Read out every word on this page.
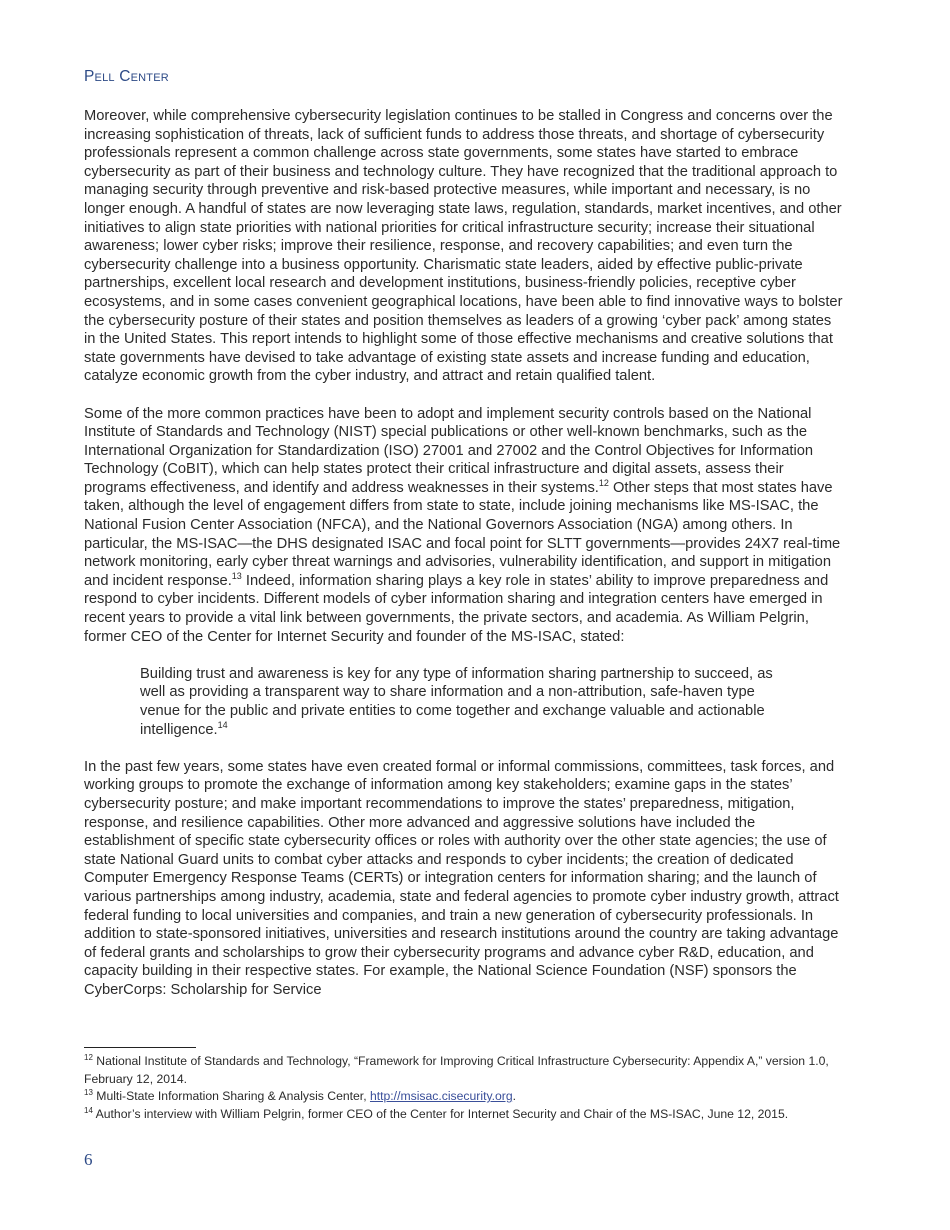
Pell Center

Moreover, while comprehensive cybersecurity legislation continues to be stalled in Congress and concerns over the increasing sophistication of threats, lack of sufficient funds to address those threats, and shortage of cybersecurity professionals represent a common challenge across state governments, some states have started to embrace cybersecurity as part of their business and technology culture. They have recognized that the traditional approach to managing security through preventive and risk-based protective measures, while important and necessary, is no longer enough. A handful of states are now leveraging state laws, regulation, standards, market incentives, and other initiatives to align state priorities with national priorities for critical infrastructure security; increase their situational awareness; lower cyber risks; improve their resilience, response, and recovery capabilities; and even turn the cybersecurity challenge into a business opportunity. Charismatic state leaders, aided by effective public-private partnerships, excellent local research and development institutions, business-friendly policies, receptive cyber ecosystems, and in some cases convenient geographical locations, have been able to find innovative ways to bolster the cybersecurity posture of their states and position themselves as leaders of a growing ‘cyber pack’ among states in the United States. This report intends to highlight some of those effective mechanisms and creative solutions that state governments have devised to take advantage of existing state assets and increase funding and education, catalyze economic growth from the cyber industry, and attract and retain qualified talent.

Some of the more common practices have been to adopt and implement security controls based on the National Institute of Standards and Technology (NIST) special publications or other well-known benchmarks, such as the International Organization for Standardization (ISO) 27001 and 27002 and the Control Objectives for Information Technology (CoBIT), which can help states protect their critical infrastructure and digital assets, assess their programs effectiveness, and identify and address weaknesses in their systems.$^{12}$ Other steps that most states have taken, although the level of engagement differs from state to state, include joining mechanisms like MS-ISAC, the National Fusion Center Association (NFCA), and the National Governors Association (NGA) among others. In particular, the MS-ISAC—the DHS designated ISAC and focal point for SLTT governments—provides 24X7 real-time network monitoring, early cyber threat warnings and advisories, vulnerability identification, and support in mitigation and incident response.$^{13}$ Indeed, information sharing plays a key role in states’ ability to improve preparedness and respond to cyber incidents. Different models of cyber information sharing and integration centers have emerged in recent years to provide a vital link between governments, the private sectors, and academia. As William Pelgrin, former CEO of the Center for Internet Security and founder of the MS-ISAC, stated:

Building trust and awareness is key for any type of information sharing partnership to succeed, as well as providing a transparent way to share information and a non-attribution, safe-haven type venue for the public and private entities to come together and exchange valuable and actionable intelligence.$^{14}$

In the past few years, some states have even created formal or informal commissions, committees, task forces, and working groups to promote the exchange of information among key stakeholders; examine gaps in the states’ cybersecurity posture; and make important recommendations to improve the states’ preparedness, mitigation, response, and resilience capabilities. Other more advanced and aggressive solutions have included the establishment of specific state cybersecurity offices or roles with authority over the other state agencies; the use of state National Guard units to combat cyber attacks and responds to cyber incidents; the creation of dedicated Computer Emergency Response Teams (CERTs) or integration centers for information sharing; and the launch of various partnerships among industry, academia, state and federal agencies to promote cyber industry growth, attract federal funding to local universities and companies, and train a new generation of cybersecurity professionals. In addition to state-sponsored initiatives, universities and research institutions around the country are taking advantage of federal grants and scholarships to grow their cybersecurity programs and advance cyber R&D, education, and capacity building in their respective states. For example, the National Science Foundation (NSF) sponsors the CyberCorps: Scholarship for Service

$^{12}$ National Institute of Standards and Technology, “Framework for Improving Critical Infrastructure Cybersecurity: Appendix A,” version 1.0, February 12, 2014.
$^{13}$ Multi-State Information Sharing & Analysis Center, http://msisac.cisecurity.org.
$^{14}$ Author’s interview with William Pelgrin, former CEO of the Center for Internet Security and Chair of the MS-ISAC, June 12, 2015.
6
